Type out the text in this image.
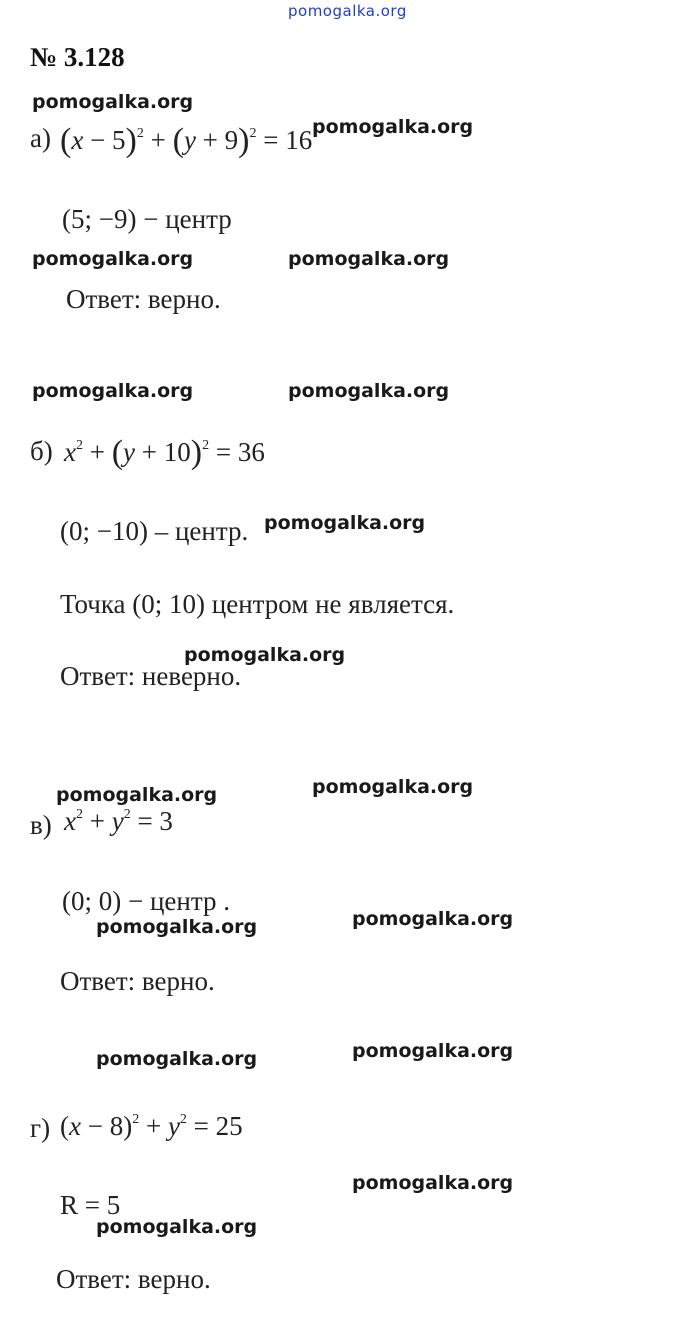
pomogalka.org
№ 3.128
а) $(x - 5)^2 + (y + 9)^2 = 16$
(5; −9) − центр
Ответ: верно.
б) $x^2 + (y + 10)^2 = 36$
(0; −10) – центр.
Точка (0; 10) центром не является.
Ответ: неверно.
в) $x^2 + y^2 = 3$
(0; 0) − центр .
Ответ: верно.
г) $(x - 8)^2 + y^2 = 25$
R = 5
Ответ: верно.
pomogalka.org
pomogalka.org
pomogalka.org	pomogalka.org
pomogalka.org	pomogalka.org
pomogalka.org
pomogalka.org
pomogalka.org
pomogalka.org
pomogalka.org
pomogalka.org
pomogalka.org
pomogalka.org
pomogalka.org
pomogalka.org
